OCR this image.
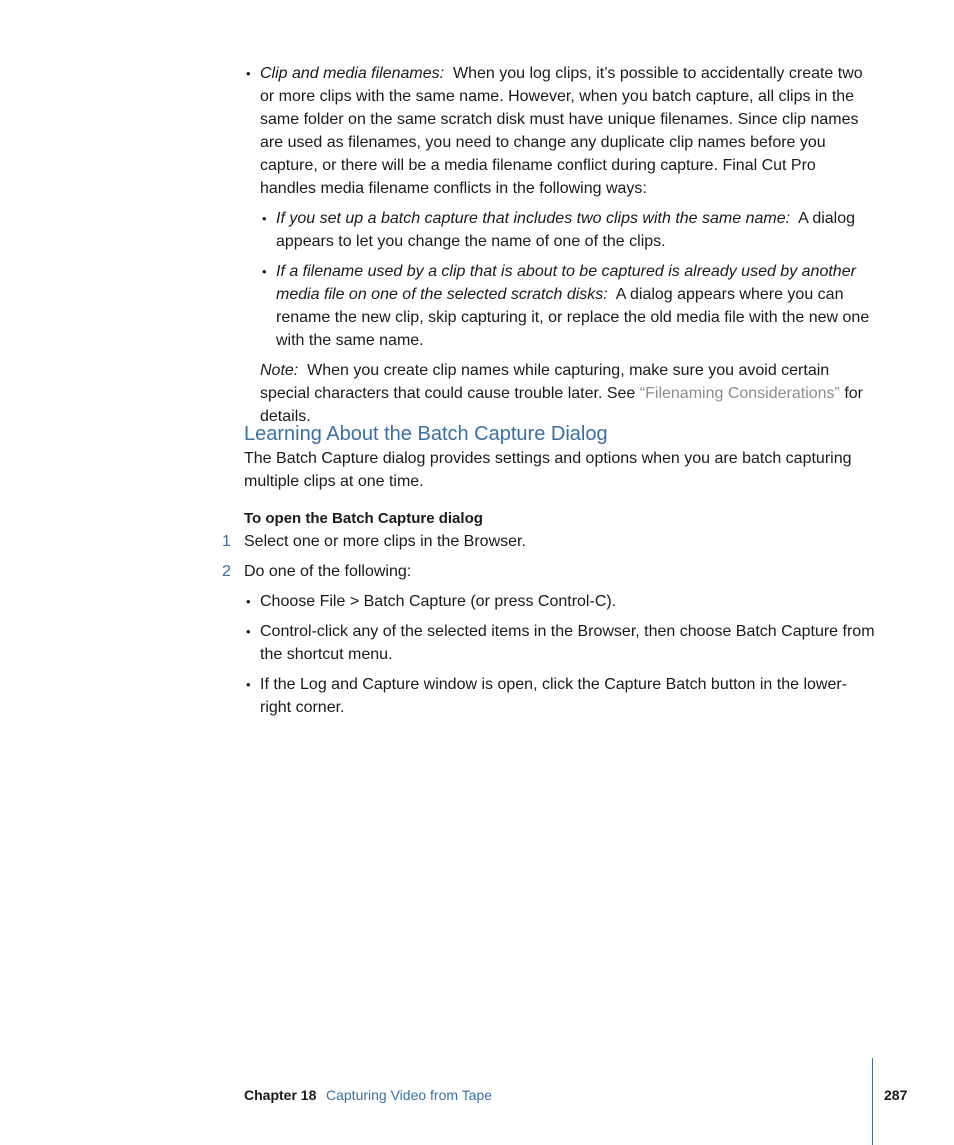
• Clip and media filenames: When you log clips, it’s possible to accidentally create two or more clips with the same name. However, when you batch capture, all clips in the same folder on the same scratch disk must have unique filenames. Since clip names are used as filenames, you need to change any duplicate clip names before you capture, or there will be a media filename conflict during capture. Final Cut Pro handles media filename conflicts in the following ways:
• If you set up a batch capture that includes two clips with the same name: A dialog appears to let you change the name of one of the clips.
• If a filename used by a clip that is about to be captured is already used by another media file on one of the selected scratch disks: A dialog appears where you can rename the new clip, skip capturing it, or replace the old media file with the new one with the same name.
Note: When you create clip names while capturing, make sure you avoid certain special characters that could cause trouble later. See “Filenaming Considerations” for details.
Learning About the Batch Capture Dialog
The Batch Capture dialog provides settings and options when you are batch capturing multiple clips at one time.
To open the Batch Capture dialog
1 Select one or more clips in the Browser.
2 Do one of the following:
• Choose File > Batch Capture (or press Control-C).
• Control-click any of the selected items in the Browser, then choose Batch Capture from the shortcut menu.
• If the Log and Capture window is open, click the Capture Batch button in the lower-right corner.
Chapter 18 Capturing Video from Tape	287
